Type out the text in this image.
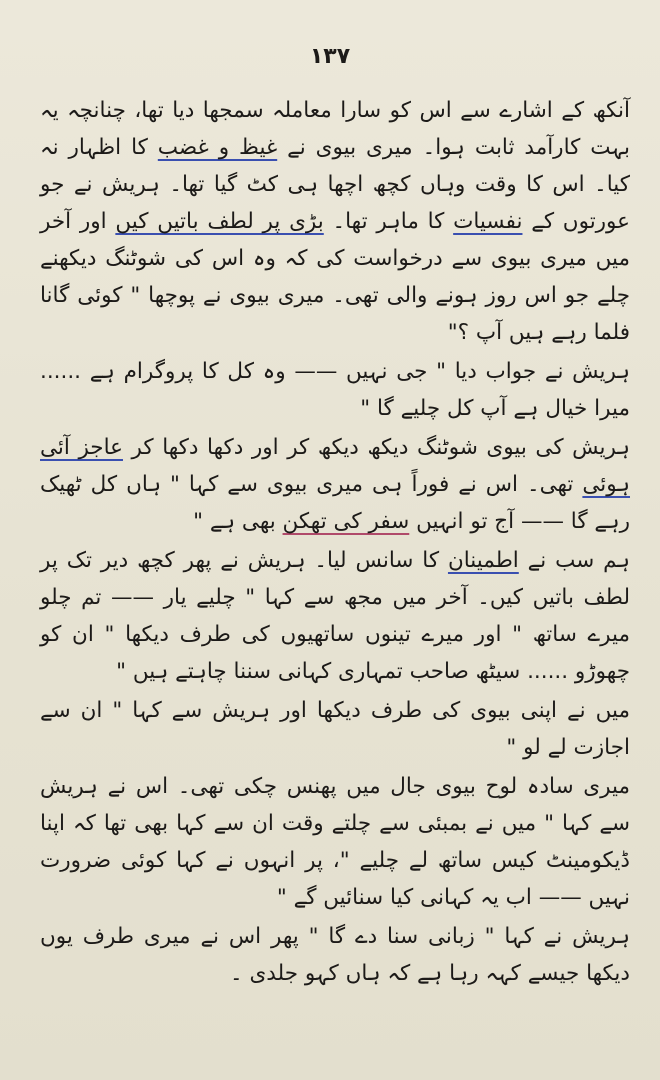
۱۳۷

آنکھ کے اشارے سے اس کو سارا معاملہ سمجھا دیا تھا، چنانچہ یہ بہت کارآمد ثابت ہوا۔ میری بیوی نے غیظ و غضب کا اظہار نہ کیا۔ اس کا وقت وہاں کچھ اچھا ہی کٹ گیا تھا۔ ہریش نے جو عورتوں کے نفسیات کا ماہر تھا۔ بڑی پر لطف باتیں کیں اور آخر میں میری بیوی سے درخواست کی کہ وہ اس کی شوٹنگ دیکھنے چلے جو اس روز ہونے والی تھی۔ میری بیوی نے پوچھا " کوئی گانا فلما رہے ہیں آپ ؟"

ہریش نے جواب دیا " جی نہیں —— وہ کل کا پروگرام ہے ...... میرا خیال ہے آپ کل چلیے گا "

ہریش کی بیوی شوٹنگ دیکھ دیکھ کر اور دکھا دکھا کر عاجز آئی ہوئی تھی۔ اس نے فوراً ہی میری بیوی سے کہا " ہاں کل ٹھیک رہے گا —— آج تو انہیں سفر کی تھکن بھی ہے "

ہم سب نے اطمینان کا سانس لیا۔ ہریش نے پھر کچھ دیر تک پر لطف باتیں کیں۔ آخر میں مجھ سے کہا " چلیے یار —— تم چلو میرے ساتھ " اور میرے تینوں ساتھیوں کی طرف دیکھا " ان کو چھوڑو ...... سیٹھ صاحب تمہاری کہانی سننا چاہتے ہیں "

میں نے اپنی بیوی کی طرف دیکھا اور ہریش سے کہا " ان سے اجازت لے لو "

میری سادہ لوح بیوی جال میں پھنس چکی تھی۔ اس نے ہریش سے کہا " میں نے بمبئی سے چلتے وقت ان سے کہا بھی تھا کہ اپنا ڈیکومینٹ کیس ساتھ لے چلیے "، پر انہوں نے کہا کوئی ضرورت نہیں —— اب یہ کہانی کیا سنائیں گے "

ہریش نے کہا " زبانی سنا دے گا " پھر اس نے میری طرف یوں دیکھا جیسے کہہ رہا ہے کہ ہاں کہو جلدی ۔
